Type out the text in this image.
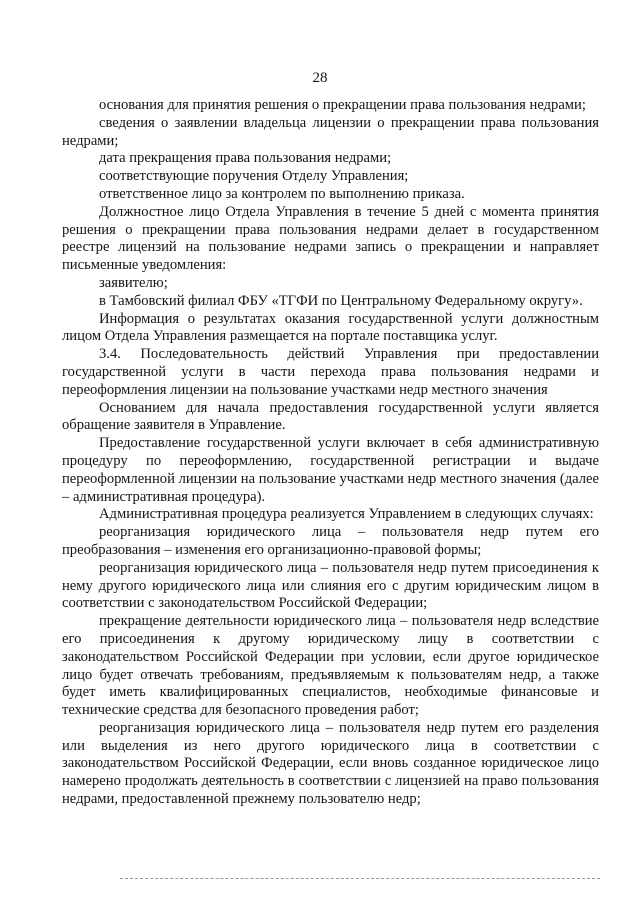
28

основания для принятия решения о прекращении права пользования недрами;

сведения о заявлении владельца лицензии о прекращении права пользования недрами;

дата прекращения права пользования недрами;

соответствующие поручения Отделу Управления;

ответственное лицо за контролем по выполнению приказа.

Должностное лицо Отдела Управления в течение 5 дней с момента принятия решения о прекращении права пользования недрами делает в государственном реестре лицензий на пользование недрами запись о прекращении и направляет письменные уведомления:

заявителю;

в Тамбовский филиал ФБУ «ТГФИ по Центральному Федеральному округу».

Информация о результатах оказания государственной услуги должностным лицом Отдела Управления размещается на портале поставщика услуг.

3.4. Последовательность действий Управления при предоставлении государственной услуги в части перехода права пользования недрами и переоформления лицензии на пользование участками недр местного значения

Основанием для начала предоставления государственной услуги является обращение заявителя в Управление.

Предоставление государственной услуги включает в себя административную процедуру по переоформлению, государственной регистрации и выдаче переоформленной лицензии на пользование участками недр местного значения (далее – административная процедура).

Административная процедура реализуется Управлением в следующих случаях:

реорганизация юридического лица – пользователя недр путем его преобразования – изменения его организационно-правовой формы;

реорганизация юридического лица – пользователя недр путем присоединения к нему другого юридического лица или слияния его с другим юридическим лицом в соответствии с законодательством Российской Федерации;

прекращение деятельности юридического лица – пользователя недр вследствие его присоединения к другому юридическому лицу в соответствии с законодательством Российской Федерации при условии, если другое юридическое лицо будет отвечать требованиям, предъявляемым к пользователям недр, а также будет иметь квалифицированных специалистов, необходимые финансовые и технические средства для безопасного проведения работ;

реорганизация юридического лица – пользователя недр путем его разделения или выделения из него другого юридического лица в соответствии с законодательством Российской Федерации, если вновь созданное юридическое лицо намерено продолжать деятельность в соответствии с лицензией на право пользования недрами, предоставленной прежнему пользователю недр;
